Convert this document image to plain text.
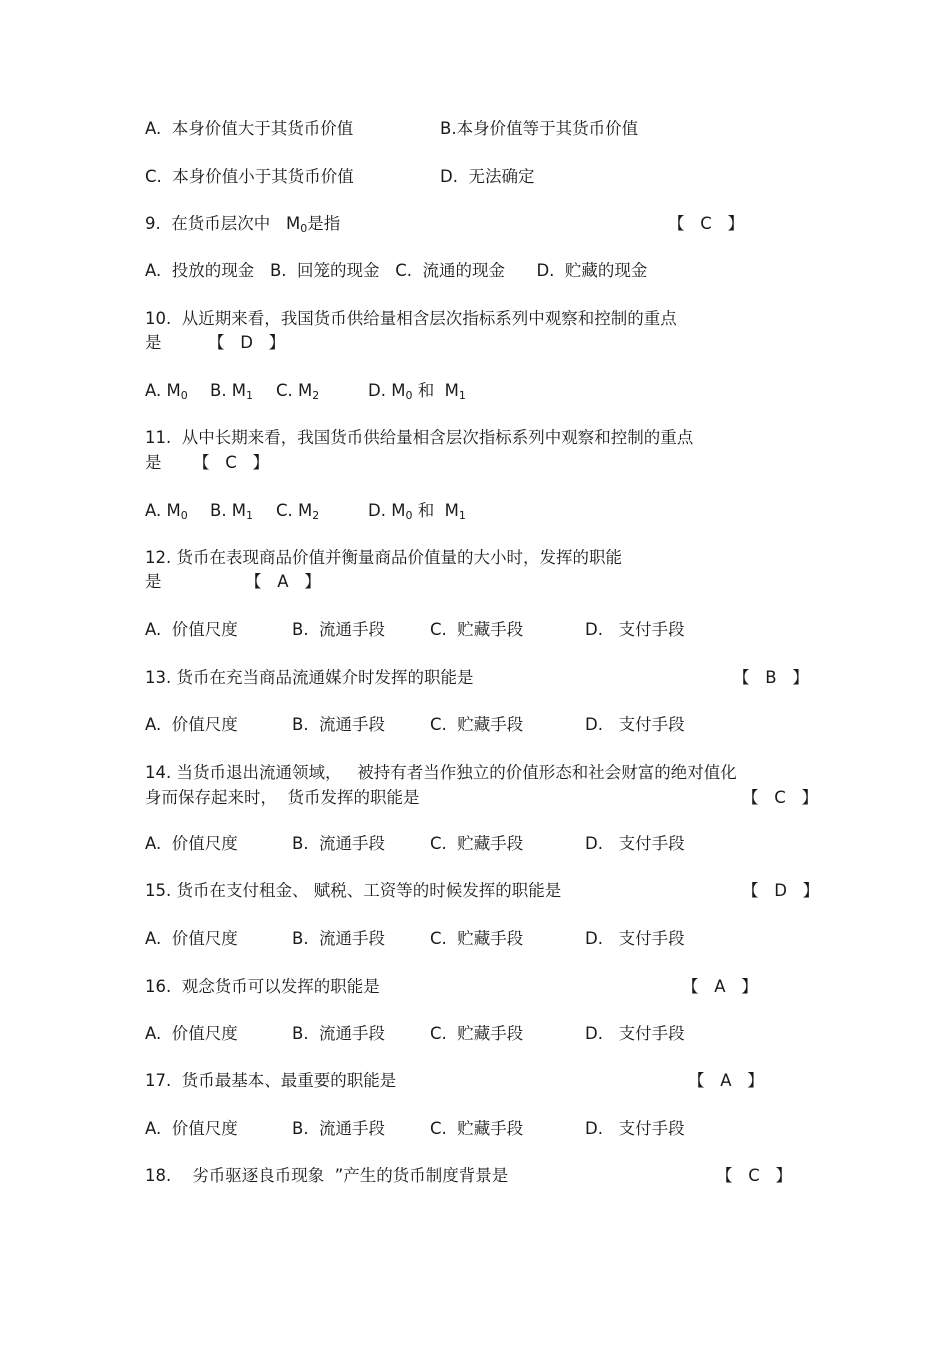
A.  本身价值大于其货币价值	B.本身价值等于其货币价值
C.  本身价值小于其货币价值	D.  无法确定
9.  在货币层次中   $M_0$是指	【   C   】
A.  投放的现金   B.  回笼的现金   C.  流通的现金      D.  贮藏的现金
10.  从近期来看，我国货币供给量相含层次指标系列中观察和控制的重点
是	【   D   】
A. $M_0$ B. $M_1$ C. $M_2$	D. $M_0$ 和  $M_1$
11.  从中长期来看，我国货币供给量相含层次指标系列中观察和控制的重点
是 【   C   】
A. $M_0$ B. $M_1$ C. $M_2$	D. $M_0$ 和  $M_1$
12. 货币在表现商品价值并衡量商品价值量的大小时，发挥的职能
是	【   A   】
A.  价值尺度	B.  流通手段	C.  贮藏手段	D.   支付手段
13. 货币在充当商品流通媒介时发挥的职能是	【   B   】
A.  价值尺度	B.  流通手段	C.  贮藏手段	D.   支付手段
14. 当货币退出流通领域，   被持有者当作独立的价值形态和社会财富的绝对值化
身而保存起来时，  货币发挥的职能是	【   C   】
A.  价值尺度	B.  流通手段	C.  贮藏手段	D.   支付手段
15. 货币在支付租金、 赋税、工资等的时候发挥的职能是	【   D   】
A.  价值尺度	B.  流通手段	C.  贮藏手段	D.   支付手段
16.  观念货币可以发挥的职能是	【   A   】
A.  价值尺度	B.  流通手段	C.  贮藏手段	D.   支付手段
17.  货币最基本、最重要的职能是	【   A   】
A.  价值尺度	B.  流通手段	C.  贮藏手段	D.   支付手段
18.    劣币驱逐良币现象  ”产生的货币制度背景是	【   C   】
